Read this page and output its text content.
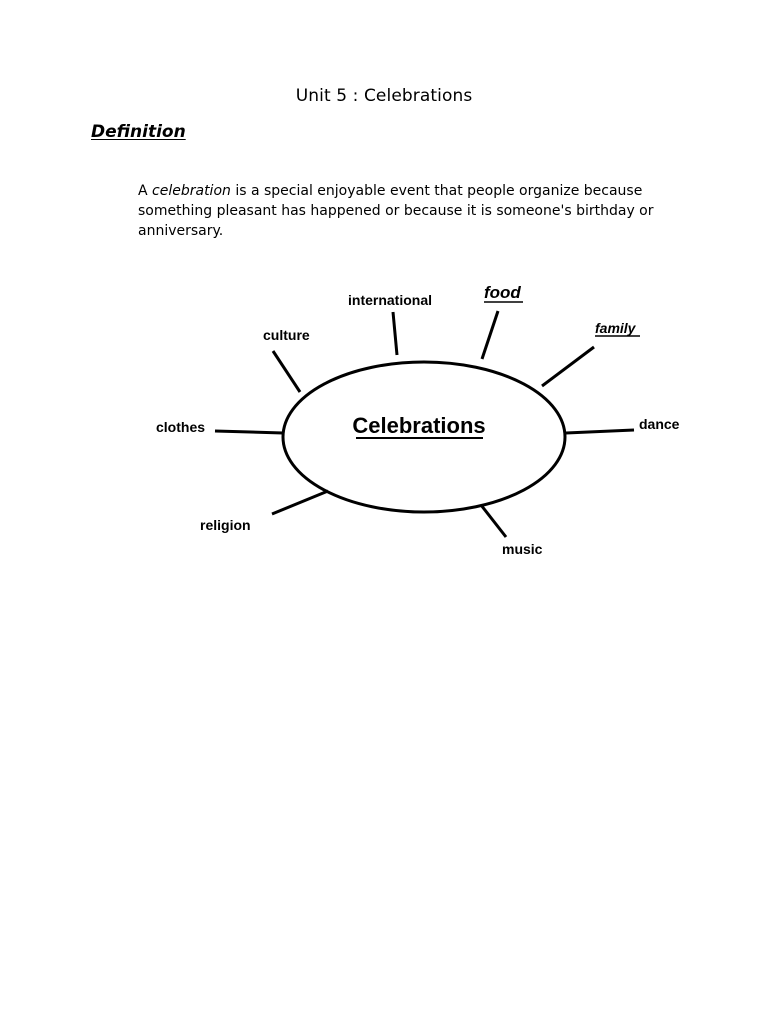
Unit 5 : Celebrations
Definition

A celebration is a special enjoyable event that people organize because something pleasant has happened or because it is someone's birthday or anniversary.

Celebrations
international	food
culture	family
clothes	dance
religion
music
